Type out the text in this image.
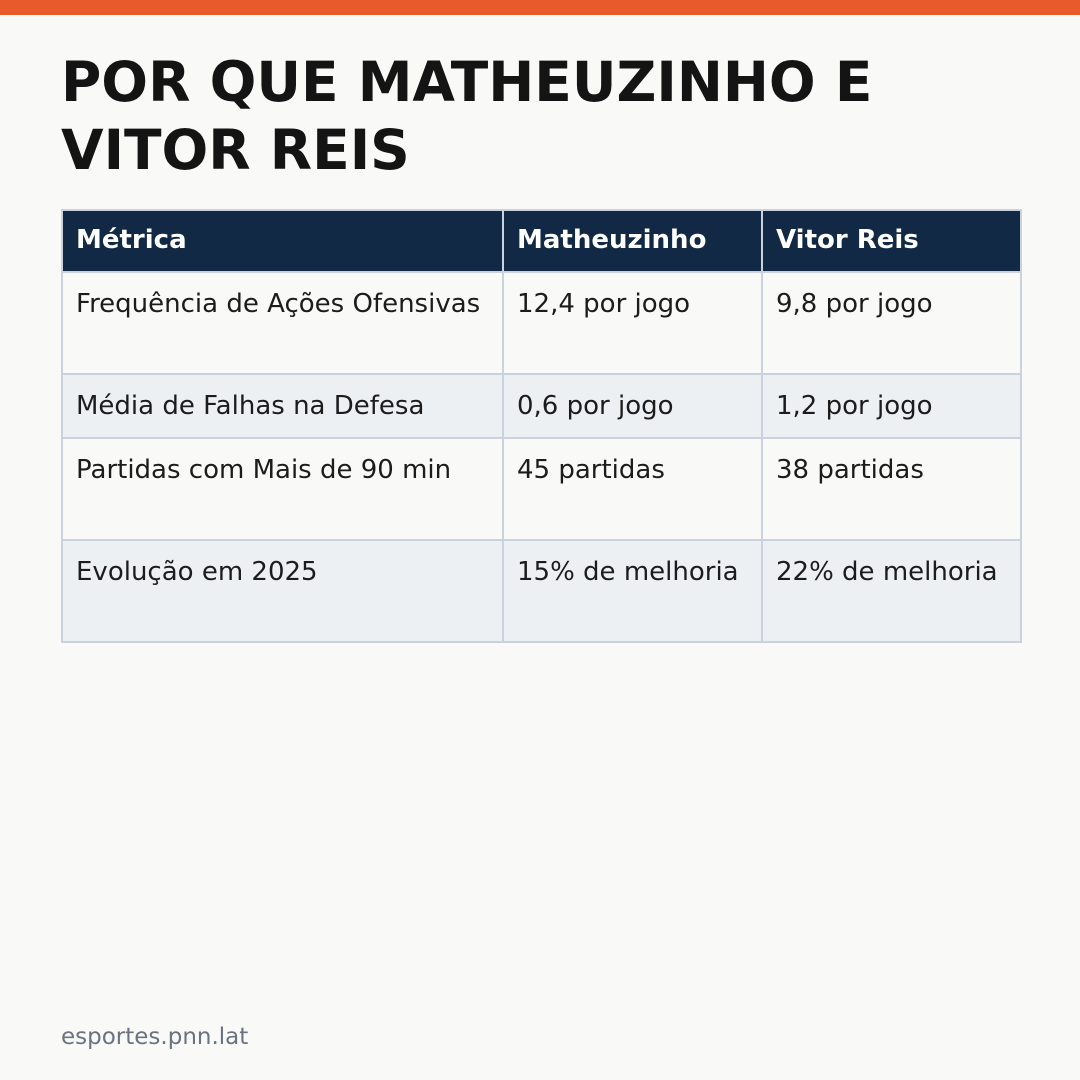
POR QUE MATHEUZINHO E VITOR REIS
Métrica	Matheuzinho	Vitor Reis
Frequência de Ações Ofensivas	12,4 por jogo	9,8 por jogo
Média de Falhas na Defesa	0,6 por jogo	1,2 por jogo
Partidas com Mais de 90 min	45 partidas	38 partidas
Evolução em 2025	15% de melhoria	22% de melhoria
esportes.pnn.lat
